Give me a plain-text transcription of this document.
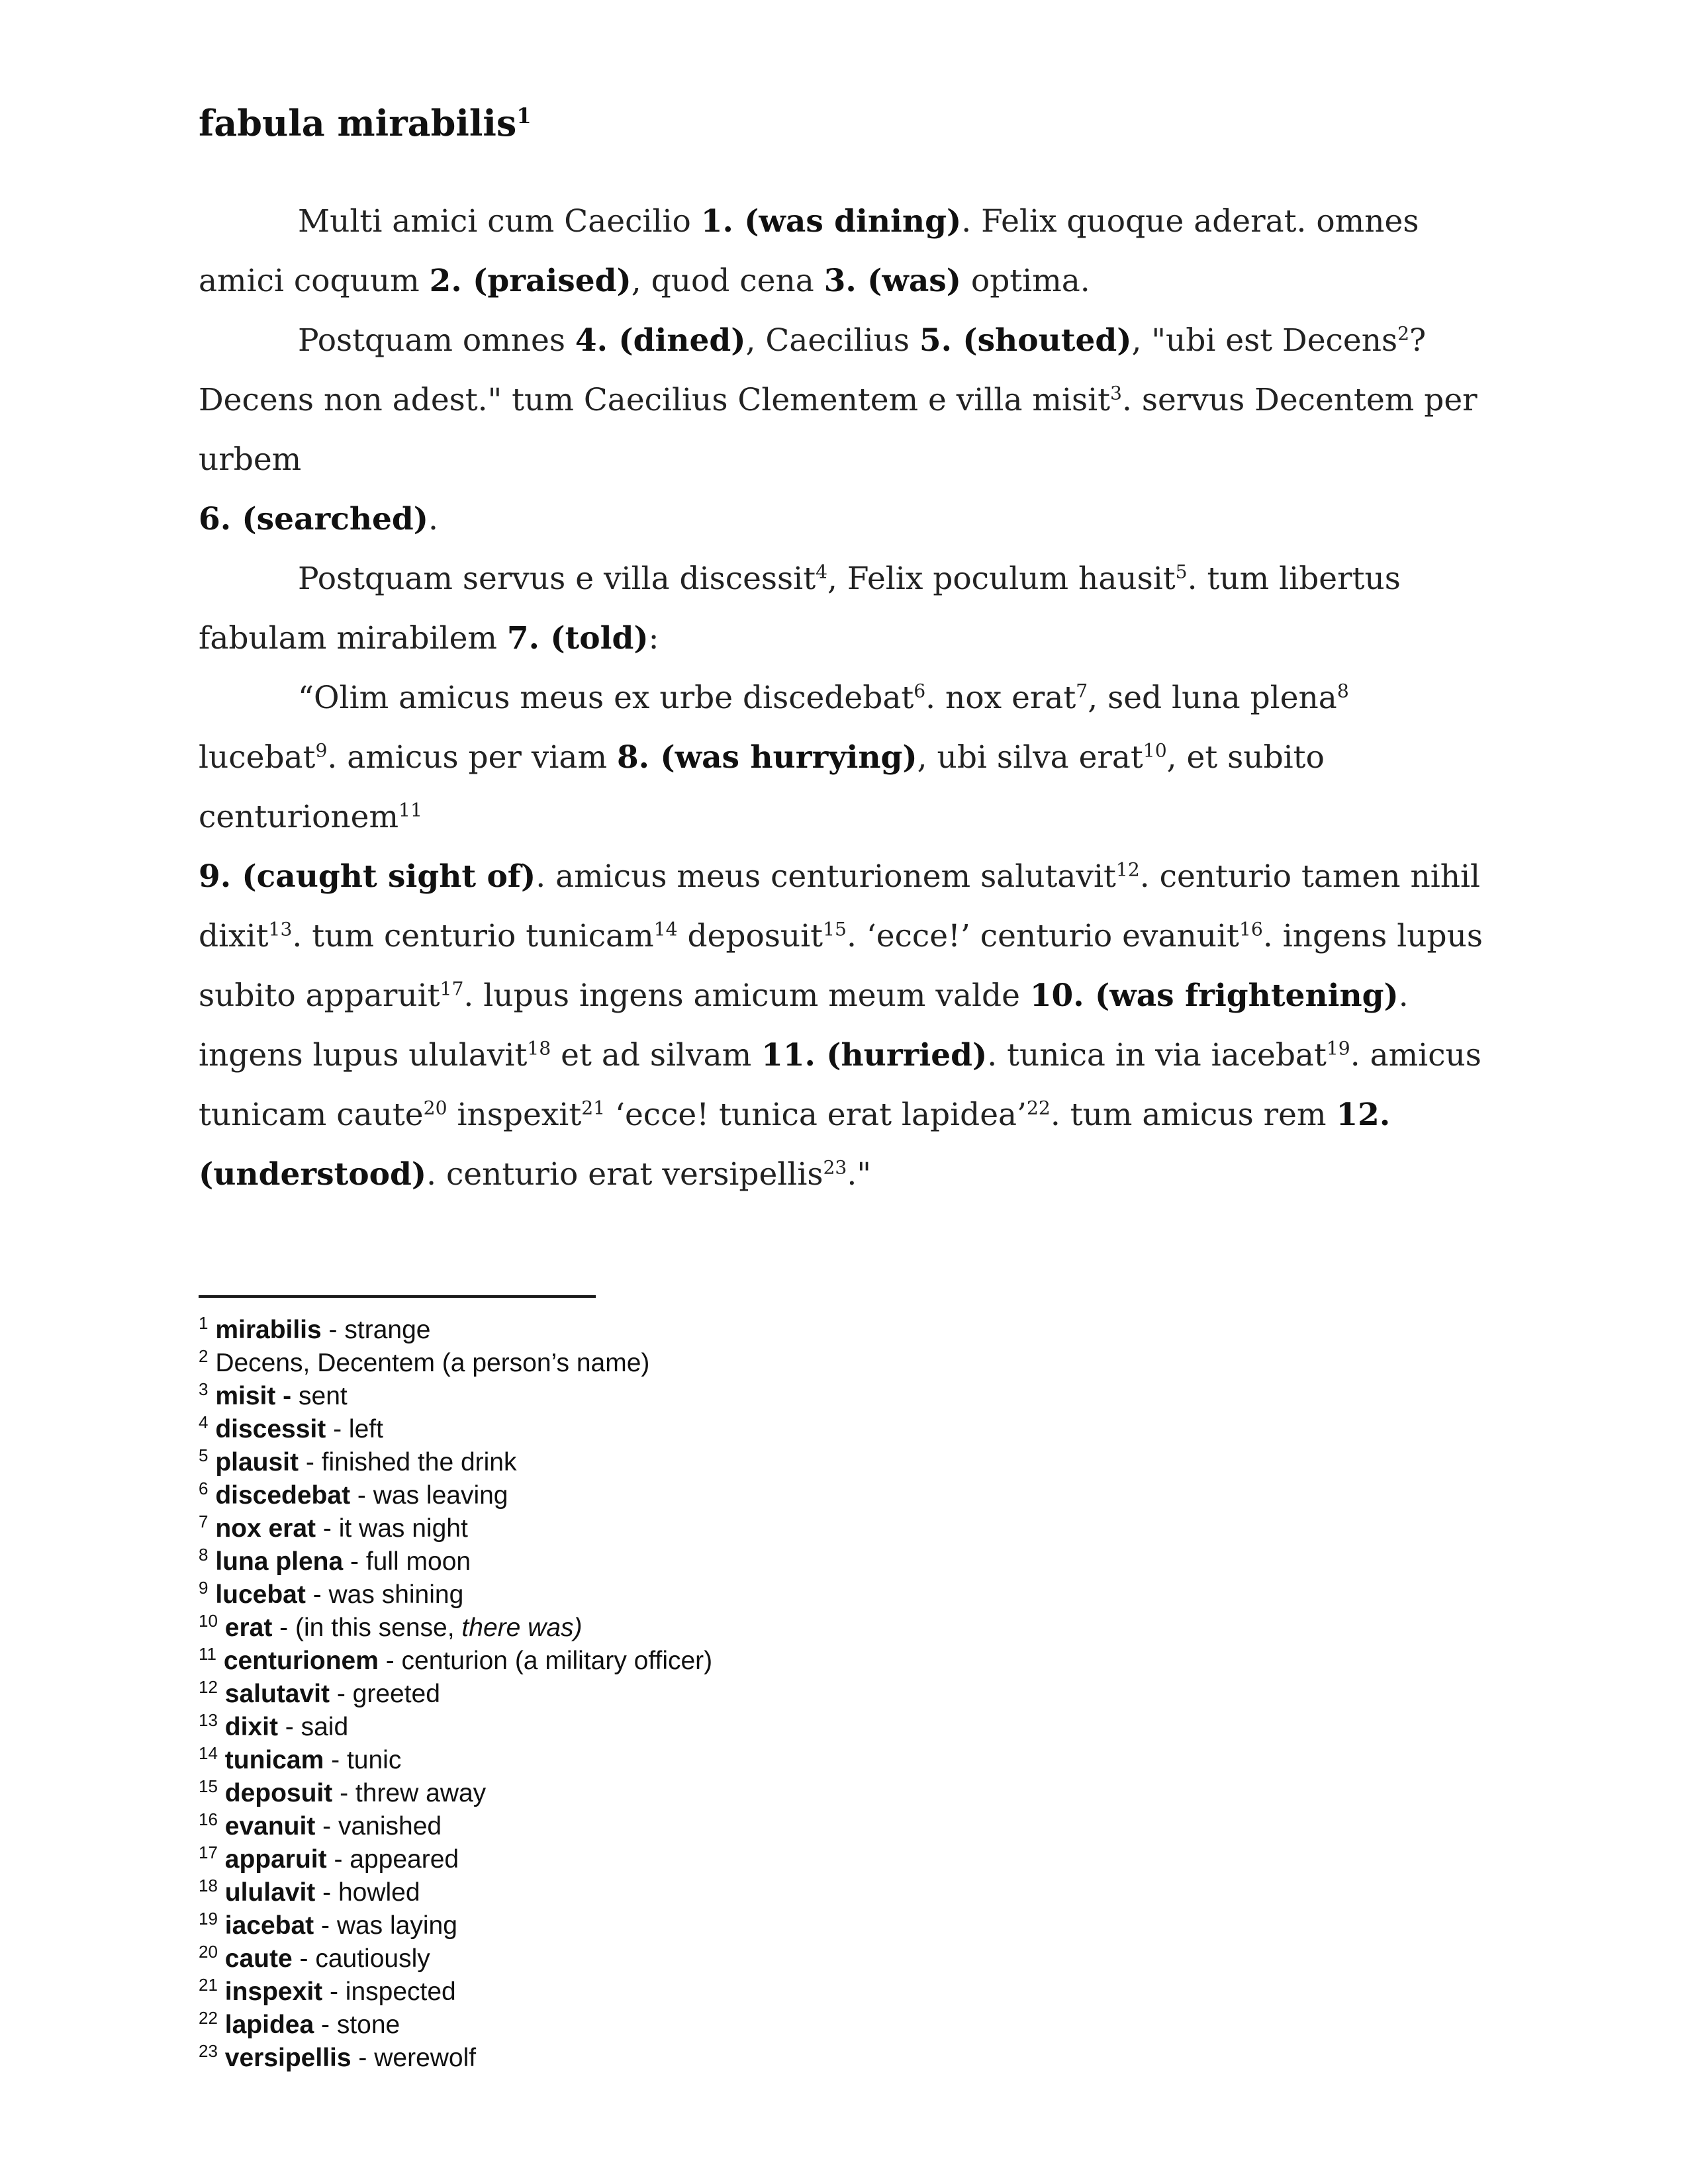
fabula mirabilis$^1$

Multi amici cum Caecilio 1. (was dining). Felix quoque aderat. omnes amici coquum 2. (praised), quod cena 3. (was) optima.

Postquam omnes 4. (dined), Caecilius 5. (shouted), "ubi est Decens$^2$? Decens non adest." tum Caecilius Clementem e villa misit$^3$. servus Decentem per urbem
6. (searched).

Postquam servus e villa discessit$^4$, Felix poculum hausit$^5$. tum libertus fabulam mirabilem 7. (told):

“Olim amicus meus ex urbe discedebat$^6$. nox erat$^7$, sed luna plena$^8$ lucebat$^9$. amicus per viam 8. (was hurrying), ubi silva erat$^{10}$, et subito centurionem$^{11}$
9. (caught sight of). amicus meus centurionem salutavit$^{12}$. centurio tamen nihil dixit$^{13}$. tum centurio tunicam$^{14}$ deposuit$^{15}$. ‘ecce!’ centurio evanuit$^{16}$. ingens lupus subito apparuit$^{17}$. lupus ingens amicum meum valde 10. (was frightening). ingens lupus ululavit$^{18}$ et ad silvam 11. (hurried). tunica in via iacebat$^{19}$. amicus tunicam caute$^{20}$ inspexit$^{21}$ ‘ecce! tunica erat lapidea’$^{22}$. tum amicus rem 12. (understood). centurio erat versipellis$^{23}$."

$^1$ mirabilis - strange
$^2$ Decens, Decentem (a person’s name)
$^3$ misit - sent
$^4$ discessit - left
$^5$ plausit - finished the drink
$^6$ discedebat - was leaving
$^7$ nox erat - it was night
$^8$ luna plena - full moon
$^9$ lucebat - was shining
$^{10}$ erat - (in this sense, there was)
$^{11}$ centurionem - centurion (a military officer)
$^{12}$ salutavit - greeted
$^{13}$ dixit - said
$^{14}$ tunicam - tunic
$^{15}$ deposuit - threw away
$^{16}$ evanuit - vanished
$^{17}$ apparuit - appeared
$^{18}$ ululavit - howled
$^{19}$ iacebat - was laying
$^{20}$ caute - cautiously
$^{21}$ inspexit - inspected
$^{22}$ lapidea - stone
$^{23}$ versipellis - werewolf
